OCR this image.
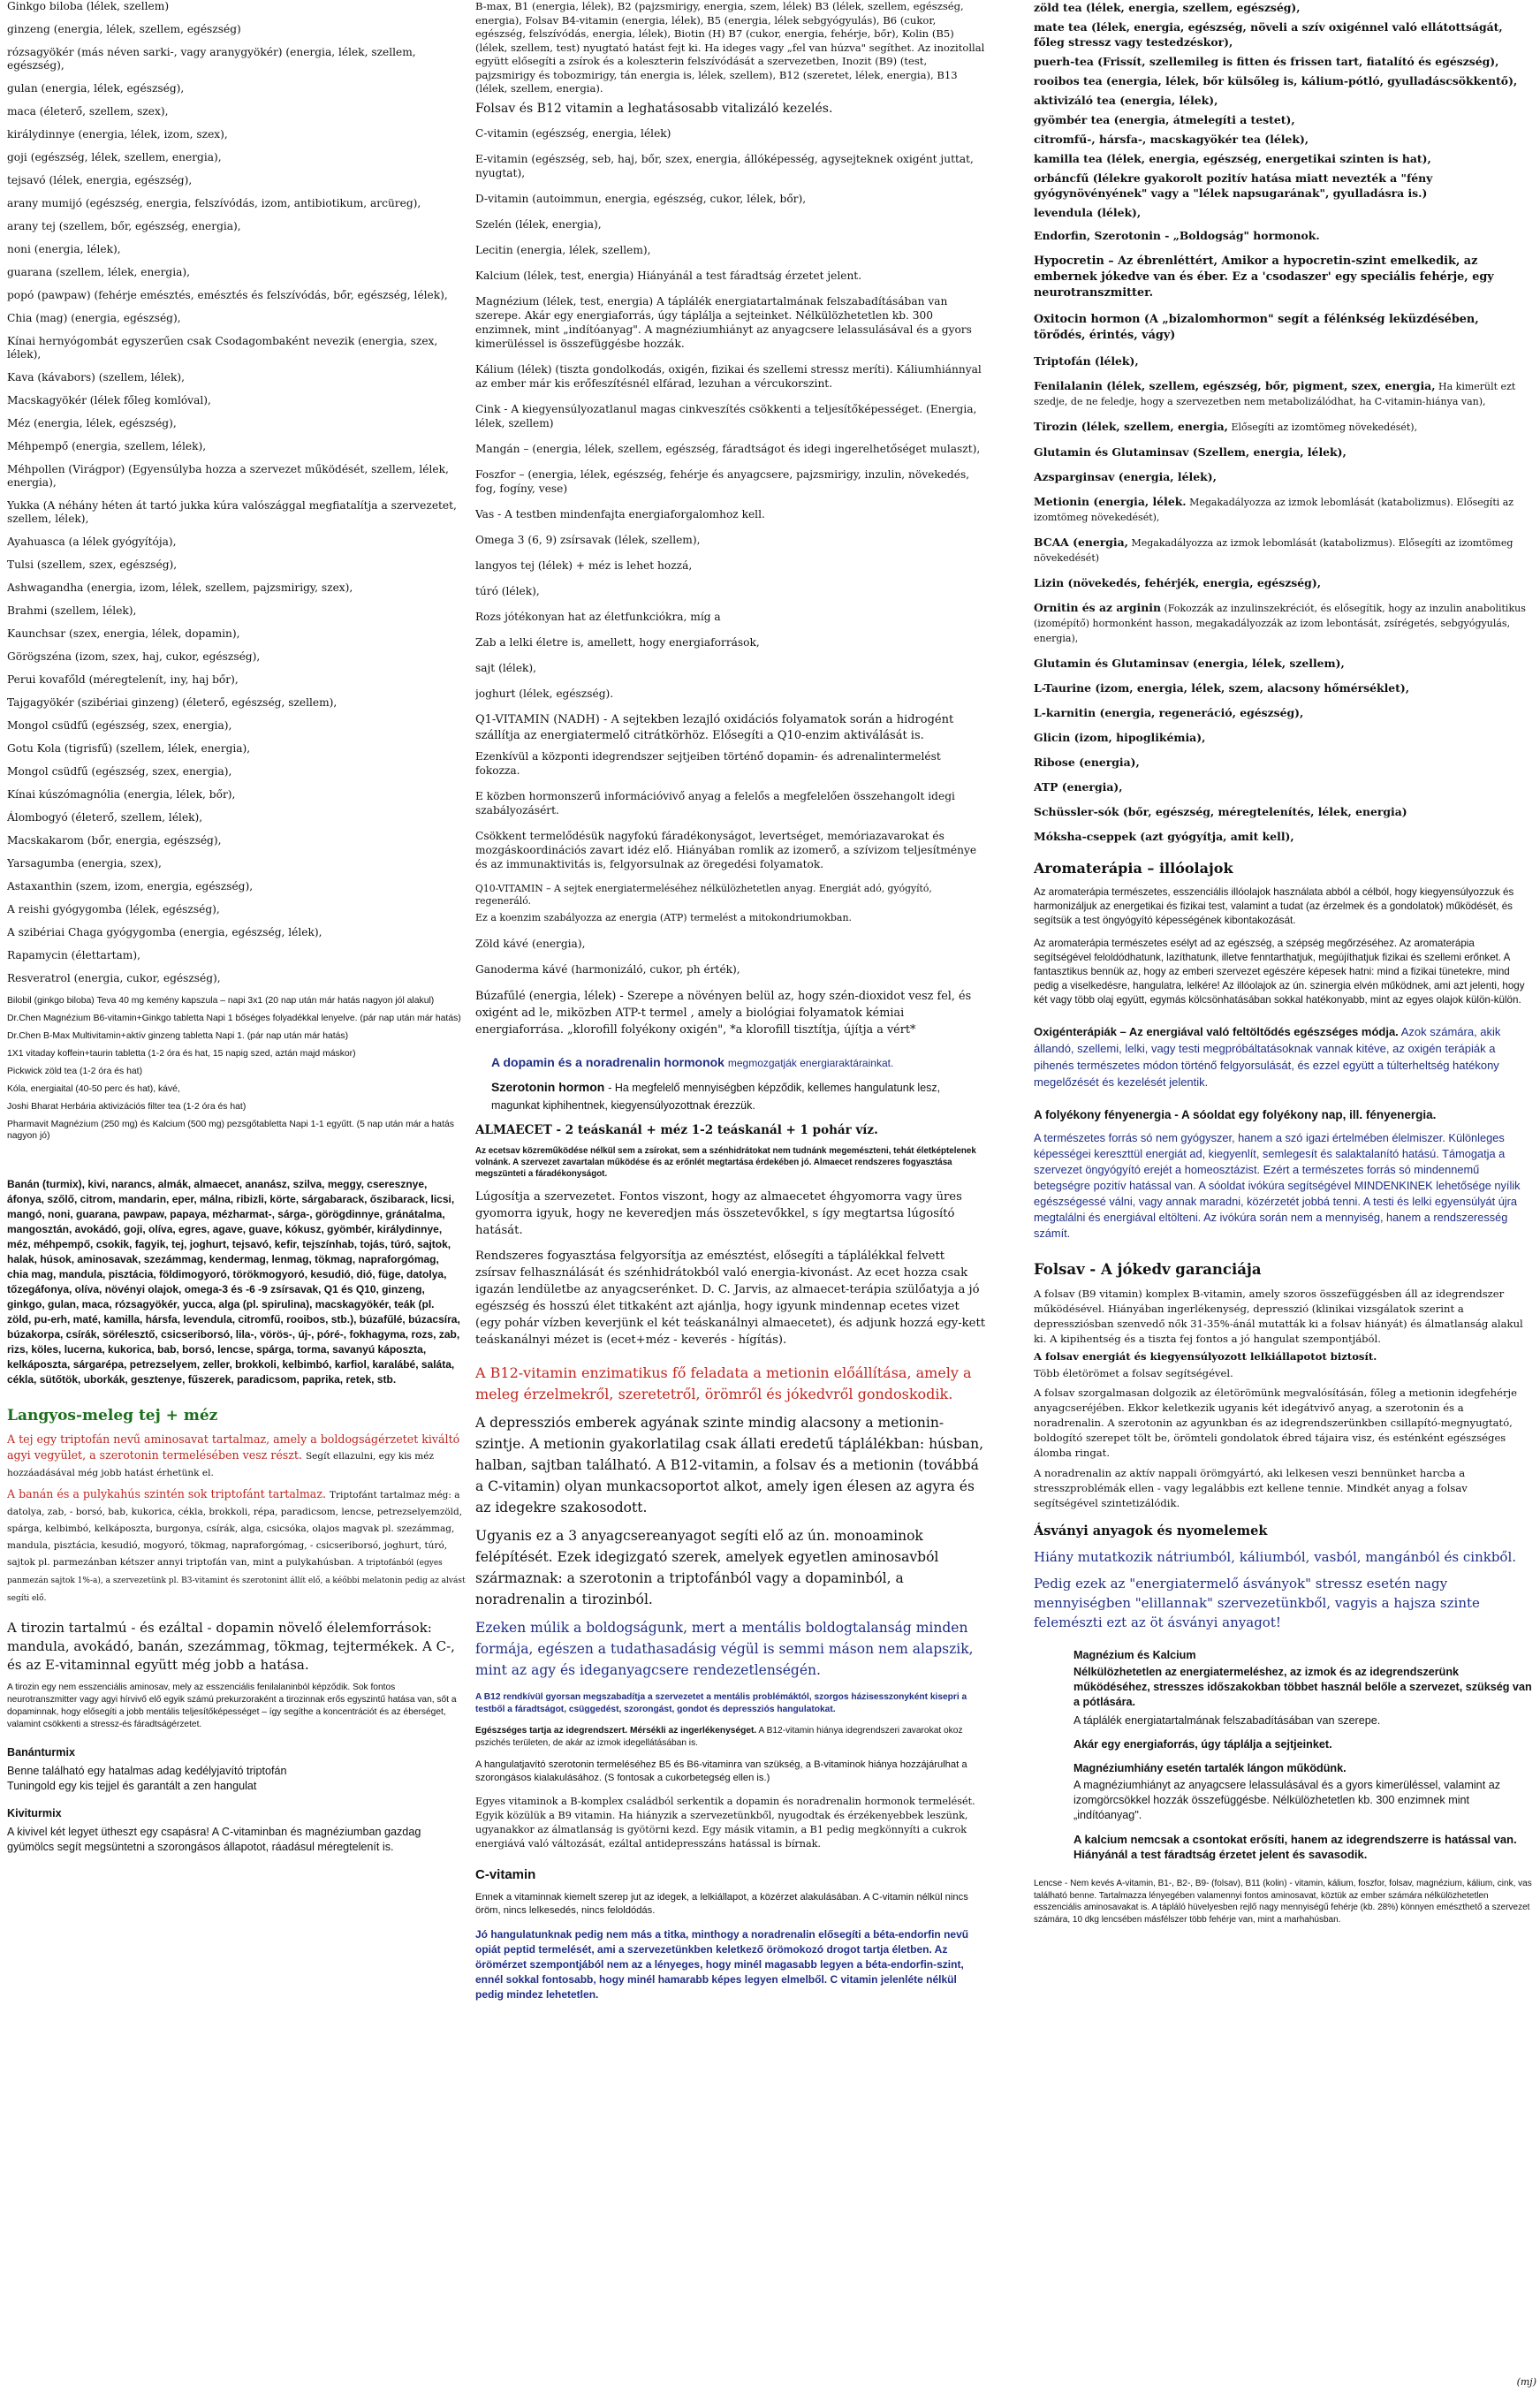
Ginkgo biloba (lélek, szellem)

ginzeng (energia, lélek, szellem, egészség)

rózsagyökér (más néven sarki-, vagy aranygyökér) (energia, lélek, szellem, egészség),

gulan (energia, lélek, egészség),

maca (életerő, szellem, szex),

királydinnye (energia, lélek, izom, szex),

goji (egészség, lélek, szellem, energia),

tejsavó (lélek, energia, egészség),

arany mumijó (egészség, energia, felszívódás, izom, antibiotikum, arcüreg),

arany tej (szellem, bőr, egészség, energia),

noni (energia, lélek),

guarana (szellem, lélek, energia),

popó (pawpaw) (fehérje emésztés, emésztés és felszívódás, bőr, egészség, lélek),

Chia (mag) (energia, egészség),

Kínai hernyógombát egyszerűen csak Csodagombaként nevezik (energia, szex, lélek),

Kava (kávabors) (szellem, lélek),

Macskagyökér (lélek főleg komlóval),

Méz (energia, lélek, egészség),

Méhpempő (energia, szellem, lélek),

Méhpollen (Virágpor) (Egyensúlyba hozza a szervezet működését, szellem, lélek, energia),

Yukka (A néhány héten át tartó jukka kúra valószággal megfiatalítja a szervezetet, szellem, lélek),

Ayahuasca (a lélek gyógyítója),

Tulsi (szellem, szex, egészség),

Ashwagandha (energia, izom, lélek, szellem, pajzsmirigy, szex),

Brahmi (szellem, lélek),

Kaunchsar (szex, energia, lélek, dopamin),

Görögszéna (izom, szex, haj, cukor, egészség),

Perui kovafőld (méregtelenít, iny, haj bőr),

Tajgagyökér (szibériai ginzeng) (életerő, egészség, szellem),

Mongol csüdfű (egészség, szex, energia),

Gotu Kola (tigrisfű) (szellem, lélek, energia),

Mongol csüdfű (egészség, szex, energia),

Kínai kúszómagnólia (energia, lélek, bőr),

Álombogyó (életerő, szellem, lélek),

Macskakarom (bőr, energia, egészség),

Yarsagumba (energia, szex),

Astaxanthin (szem, izom, energia, egészség),

A reishi gyógygomba (lélek, egészség),

A szibériai Chaga gyógygomba (energia, egészség, lélek),

Rapamycin (élettartam),

Resveratrol (energia, cukor, egészség),

Bilobil (ginkgo biloba) Teva 40 mg kemény kapszula – napi 3x1 (20 nap után már hatás nagyon jól alakul)

Dr.Chen Magnézium B6-vitamin+Ginkgo tabletta Napi 1 bőséges folyadékkal lenyelve. (pár nap után már hatás)

Dr.Chen B-Max Multivitamin+aktív ginzeng tabletta Napi 1. (pár nap után már hatás)

1X1 vitaday koffein+taurin tabletta (1-2 óra és hat, 15 napig szed, aztán majd máskor)

Pickwick zöld tea (1-2 óra és hat)

Kóla, energiaital (40-50 perc és hat), kávé,

Joshi Bharat Herbária aktivizációs filter tea (1-2 óra és hat)

Pharmavit Magnézium (250 mg) és Kalcium (500 mg) pezsgőtabletta Napi 1-1 egyűtt. (5 nap után már a hatás nagyon jó)

Banán (turmix), kivi, narancs, almák, almaecet, ananász, szilva, meggy, cseresznye, áfonya, szőlő, citrom, mandarin, eper, málna, ribizli, körte, sárgabarack, őszibarack, licsi, mangó, noni, guarana, pawpaw, papaya, mézharmat-, sárga-, görögdinnye, gránátalma, mangosztán, avokádó, goji, olíva, egres, agave, guave, kókusz, gyömbér, királydinnye, méz, méhpempő, csokik, fagyik, tej, joghurt, tejsavó, kefir, tejszínhab, tojás, túró, sajtok, halak, húsok, aminosavak, szezámmag, kendermag, lenmag, tökmag, napraforgómag, chia mag, mandula, pisztácia, földimogyoró, törökmogyoró, kesudió, dió, füge, datolya, tőzegáfonya, olíva, növényi olajok, omega-3 és -6 -9 zsírsavak, Q1 és Q10, ginzeng, ginkgo, gulan, maca, rózsagyökér, yucca, alga (pl. spirulina), macskagyökér, teák (pl. zöld, pu-erh, maté, kamilla, hársfa, levendula, citromfű, rooibos, stb.), búzafűlé, búzacsíra, búzakorpa, csírák, sörélesztő, csicseriborsó, lila-, vörös-, új-, póré-, fokhagyma, rozs, zab, rizs, köles, lucerna, kukorica, bab, borsó, lencse, spárga, torma, savanyú káposzta, kelkáposzta, sárgarépa, petrezselyem, zeller, brokkoli, kelbimbó, karfiol, karalábé, saláta, cékla, sütőtök, uborkák, gesztenye, fűszerek, paradicsom, paprika, retek, stb.

Langyos-meleg tej + méz

A tej egy triptofán nevű aminosavat tartalmaz, amely a boldogságérzetet kiváltó agyi vegyület, a szerotonin termelésében vesz részt. Segít ellazulni, egy kis méz hozzáadásával még jobb hatást érhetünk el.

A banán és a pulykahús szintén sok triptofánt tartalmaz. Triptofánt tartalmaz még: a datolya, zab, - borsó, bab, kukorica, cékla, brokkoli, répa, paradicsom, lencse, petrezselyemzöld, spárga, kelbimbó, kelkáposzta, burgonya, csírák, alga, csicsóka, olajos magvak pl. szezámmag, mandula, pisztácia, kesudió, mogyoró, tökmag, napraforgómag, - csicseriborsó, joghurt, túró, sajtok pl. parmezánban kétszer annyi triptofán van, mint a pulykahúsban. A triptofánból (egyes panmezán sajtok 1%-a), a szervezetünk pl. B3-vitamint és szerotonint állít elő, a kéőbbi melatonin pedig az alvást segíti elő.

A tirozin tartalmú - és ezáltal - dopamin növelő élelemforrások: mandula, avokádó, banán, szezámmag, tökmag, tejtermékek. A C-, és az E-vitaminnal együtt még jobb a hatása.

A tirozin egy nem esszenciális aminosav, mely az esszenciális fenilalaninból képződik. Sok fontos neurotranszmitter vagy agyi hírvivő elő egyik számú prekurzoraként a tirozinnak erős egyszintű hatása van, sőt a dopaminnak, hogy elősegíti a jobb mentális teljesítőképességet – így segíthe a koncentrációt és az éberséget, valamint csökkenti a stressz-és fáradtságérzetet.

Banánturmix
Benne található egy hatalmas adag kedélyjavító triptofán
Tuningold egy kis tejjel és garantált a zen hangulat
Kiviturmix
A kivivel két legyet ütheszt egy csapásra! A C-vitaminban és magnéziumban gazdag gyümölcs segít megsüntetni a szorongásos állapotot, ráadásul méregtelenít is.

B-max, B1 (energia, lélek), B2 (pajzsmirigy, energia, szem, lélek) B3 (lélek, szellem, egészség, energia), Folsav B4-vitamin (energia, lélek), B5 (energia, lélek sebgyógyulás), B6 (cukor, egészség, felszívódás, energia, lélek), Biotin (H) B7 (cukor, energia, fehérje, bőr), Kolin (B5) (lélek, szellem, test) nyugtató hatást fejt ki. Ha ideges vagy „fel van húzva" segíthet. Az inozitollal együtt elősegíti a zsírok és a koleszterin felszívódását a szervezetben, Inozit (B9) (test, pajzsmirigy és tobozmirigy, tán energia is, lélek, szellem), B12 (szeretet, lélek, energia), B13 (lélek, szellem, energia).

Folsav és B12 vitamin a leghatásosabb vitalizáló kezelés.

C-vitamin (egészség, energia, lélek)

E-vitamin (egészség, seb, haj, bőr, szex, energia, állóképesség, agysejteknek oxigént juttat, nyugtat),

D-vitamin (autoimmun, energia, egészség, cukor, lélek, bőr),

Szelén (lélek, energia),

Lecitin (energia, lélek, szellem),

Kalcium (lélek, test, energia) Hiányánál a test fáradtság érzetet jelent.

Magnézium (lélek, test, energia) A táplálék energiatartalmának felszabadításában van szerepe. Akár egy energiaforrás, úgy táplálja a sejteinket. Nélkülözhetetlen kb. 300 enzimnek, mint „indítóanyag". A magnéziumhiányt az anyagcsere lelassulásával és a gyors kimerüléssel is összefüggésbe hozzák.

Kálium (lélek) (tiszta gondolkodás, oxigén, fizikai és szellemi stressz meríti). Káliumhiánnyal az ember már kis erőfeszítésnél elfárad, lezuhan a vércukorszint.

Cink - A kiegyensúlyozatlanul magas cinkveszítés csökkenti a teljesítőképességet. (Energia, lélek, szellem)

Mangán – (energia, lélek, szellem, egészség, fáradtságot és idegi ingerelhetőséget mulaszt),

Foszfor – (energia, lélek, egészség, fehérje és anyagcsere, pajzsmirigy, inzulin, növekedés, fog, fogíny, vese)

Vas - A testben mindenfajta energiaforgalomhoz kell.

Omega 3 (6, 9) zsírsavak (lélek, szellem),

langyos tej (lélek) + méz is lehet hozzá,

túró (lélek),

Rozs jótékonyan hat az életfunkciókra, míg a

Zab a lelki életre is, amellett, hogy energiaforrások,

sajt (lélek),

joghurt (lélek, egészség).

Q1-VITAMIN (NADH) - A sejtekben lezajló oxidációs folyamatok során a hidrogént szállítja az energiatermelő citrátkörhöz. Elősegíti a Q10-enzim aktiválását is.

Ezenkívül a központi idegrendszer sejtjeiben történő dopamin- és adrenalintermelést fokozza.

E közben hormonszerű információvivő anyag a felelős a megfelelően összehangolt idegi szabályozásért.

Csökkent termelődésük nagyfokú fáradékonyságot, levertséget, memóriazavarokat és mozgáskoordinációs zavart idéz elő. Hiányában romlik az izomerő, a szívizom teljesítménye és az immunaktivitás is, felgyorsulnak az öregedési folyamatok.

Q10-VITAMIN – A sejtek energiatermeléséhez nélkülözhetetlen anyag. Energiát adó, gyógyító, regeneráló.

Ez a koenzim szabályozza az energia (ATP) termelést a mitokondriumokban.

Zöld kávé (energia),

Ganoderma kávé (harmonizáló, cukor, ph érték),

Búzafűlé (energia, lélek) - Szerepe a növényen belül az, hogy szén-dioxidot vesz fel, és oxigént ad le, miközben ATP-t termel , amely a biológiai folyamatok kémiai energiaforrása. „klorofill folyékony oxigén", *a klorofill tisztítja, újítja a vért*

A dopamin és a noradrenalin hormonok megmozgatják energiaraktárainkat.

Szerotonin hormon - Ha megfelelő mennyiségben képződik, kellemes hangulatunk lesz, magunkat kiphihentnek, kiegyensúlyozottnak érezzük.

ALMAECET - 2 teáskanál + méz 1-2 teáskanál + 1 pohár víz.

Az ecetsav közreműködése nélkül sem a zsírokat, sem a szénhidrátokat nem tudnánk megemészteni, tehát életképtelenek volnánk. A szervezet zavartalan működése és az erőnlét megtartása érdekében jó. Almaecet rendszeres fogyasztása megszünteti a fáradékonyságot.

Lúgosítja a szervezetet. Fontos viszont, hogy az almaecetet éhgyomorra vagy üres gyomorra igyuk, hogy ne keveredjen más összetevőkkel, s így megtartsa lúgosító hatását.

Rendszeres fogyasztása felgyorsítja az emésztést, elősegíti a táplálékkal felvett zsírsav felhasználását és szénhidrátokból való energia-kivonást. Az ecet hozza csak igazán lendületbe az anyagcserénket. D. C. Jarvis, az almaecet-terápia szülőatyja a jó egészség és hosszú élet titkaként azt ajánlja, hogy igyunk mindennap ecetes vizet (egy pohár vízben keverjünk el két teáskanálnyi almaecetet), és adjunk hozzá egy-kett teáskanálnyi mézet is (ecet+méz - keverés - hígítás).

A B12-vitamin enzimatikus fő feladata a metionin előállítása, amely a meleg érzelmekről, szeretetről, örömről és jókedvről gondoskodik.

A depressziós emberek agyának szinte mindig alacsony a metionin-szintje. A metionin gyakorlatilag csak állati eredetű táplálékban: húsban, halban, sajtban található. A B12-vitamin, a folsav és a metionin (továbbá a C-vitamin) olyan munkacsoportot alkot, amely igen élesen az agyra és az idegekre szakosodott.

Ugyanis ez a 3 anyagcsereanyagot segíti elő az ún. monoaminok felépítését. Ezek idegizgató szerek, amelyek egyetlen aminosavból származnak: a szerotonin a triptofánból vagy a dopaminból, a noradrenalin a tirozinból.

Ezeken múlik a boldogságunk, mert a mentális boldogtalanság minden formája, egészen a tudathasadásig végül is semmi máson nem alapszik, mint az agy és ideganyagcsere rendezetlenségén.

A B12 rendkívül gyorsan megszabadítja a szervezetet a mentális problémáktól, szorgos házisesszonyként kisepri a testből a fáradtságot, csüggedést, szorongást, gondot és depressziós hangulatokat.

Egészséges tartja az idegrendszert. Mérsékli az ingerlékenységet. A B12-vitamin hiánya idegrendszeri zavarokat okoz pszichés területen, de akár az izmok idegellátásában is.

A hangulatjavító szerotonin termeléséhez B5 és B6-vitaminra van szükség, a B-vitaminok hiánya hozzájárulhat a szorongásos kialakulásához. (S fontosak a cukorbetegség ellen is.)

Egyes vitaminok a B-komplex családból serkentik a dopamin és noradrenalin hormonok termelését. Egyik közülük a B9 vitamin. Ha hiányzik a szervezetünkből, nyugodtak és érzékenyebbek leszünk, ugyanakkor az álmatlanság is gyötörni kezd. Egy másik vitamin, a B1 pedig megkönnyíti a cukrok energiává való változását, ezáltal antidepresszáns hatással is bírnak.

C-vitamin

Ennek a vitaminnak kiemelt szerep jut az idegek, a lelkiállapot, a közérzet alakulásában. A C-vitamin nélkül nincs öröm, nincs lelkesedés, nincs feloldódás.

Jó hangulatunknak pedig nem más a titka, minthogy a noradrenalin elősegíti a béta-endorfin nevű opiát peptid termelését, ami a szervezetünkben keletkező örömokozó drogot tartja életben. Az örömérzet szempontjából nem az a lényeges, hogy minél magasabb legyen a béta-endorfin-szint, ennél sokkal fontosabb, hogy minél hamarabb képes legyen elmelből. C vitamin jelenléte nélkül pedig mindez lehetetlen.

zöld tea (lélek, energia, szellem, egészség),

mate tea (lélek, energia, egészség, növeli a szív oxigénnel való ellátottságát, főleg stressz vagy testedzéskor),

puerh-tea (Frissít, szellemileg is fitten és frissen tart, fiatalító és egészség),

rooibos tea (energia, lélek, bőr külsőleg is, kálium-pótló, gyulladáscsökkentő),

aktivizáló tea (energia, lélek),

gyömbér tea (energia, átmelegíti a testet),

citromfű-, hársfa-, macskagyökér tea (lélek),

kamilla tea (lélek, energia, egészség, energetikai szinten is hat),

orbáncfű (lélekre gyakorolt pozitív hatása miatt nevezték a "fény gyógynövényének" vagy a "lélek napsugarának", gyulladásra is.)

levendula (lélek),

Endorfin, Szerotonin - „Boldogság" hormonok.

Hypocretin – Az ébrenléttért, Amikor a hypocretin-szint emelkedik, az embernek jókedve van és éber. Ez a 'csodaszer' egy speciális fehérje, egy neurotranszmitter.

Oxitocin hormon (A „bizalomhormon" segít a félénkség leküzdésében, törődés, érintés, vágy)

Triptofán (lélek),

Fenilalanin (lélek, szellem, egészség, bőr, pigment, szex, energia, Ha kimerült ezt szedje, de ne feledje, hogy a szervezetben nem metabolizálódhat, ha C-vitamin-hiánya van),

Tirozin (lélek, szellem, energia, Elősegíti az izomtömeg növekedését),

Glutamin és Glutaminsav (Szellem, energia, lélek),

Azsparginsav (energia, lélek),

Metionin (energia, lélek. Megakadályozza az izmok lebomlását (katabolizmus). Elősegíti az izomtömeg növekedését),

BCAA (energia, Megakadályozza az izmok lebomlását (katabolizmus). Elősegíti az izomtömeg növekedését)

Lizin (növekedés, fehérjék, energia, egészség),

Ornitin és az arginin (Fokozzák az inzulinszekréciót, és elősegítik, hogy az inzulin anabolitikus (izomépítő) hormonként hasson, megakadályozzák az izom lebontását, zsírégetés, sebgyógyulás, energia),

Glutamin és Glutaminsav (energia, lélek, szellem),

L-Taurine (izom, energia, lélek, szem, alacsony hőmérséklet),

L-karnitin (energia, regeneráció, egészség),

Glicin (izom, hipoglikémia),

Ribose (energia),

ATP (energia),

Schüssler-sók (bőr, egészség, méregtelenítés, lélek, energia)

Móksha-cseppek (azt gyógyítja, amit kell),

Aromaterápia – illóolajok

Az aromaterápia természetes, esszenciális illóolajok használata abból a célból, hogy kiegyensúlyozzuk és harmonizáljuk az energetikai és fizikai test, valamint a tudat (az érzelmek és a gondolatok) működését, és segítsük a test öngyógyító képességének kibontakozását.

Az aromaterápia természetes esélyt ad az egészség, a szépség megőrzéséhez. Az aromaterápia segítségével feloldódhatunk, lazíthatunk, illetve fenntarthatjuk, megújíthatjuk fizikai és szellemi erőnket. A fantasztikus bennük az, hogy az emberi szervezet egészére képesek hatni: mind a fizikai tünetekre, mind pedig a viselkedésre, hangulatra, lelkére! Az illóolajok az ún. szinergia elvén működnek, ami azt jelenti, hogy két vagy több olaj együtt, egymás kölcsönhatásában sokkal hatékonyabb, mint az egyes olajok külön-külön.

Oxigénterápiák – Az energiával való feltöltődés egészséges módja. Azok számára, akik állandó, szellemi, lelki, vagy testi megpróbáltatásoknak vannak kitéve, az oxigén terápiák a pihenés természetes módon történő felgyorsulását, és ezzel együtt a túlterheltség hatékony megelőzését és kezelését jelentik.

A folyékony fényenergia - A sóoldat egy folyékony nap, ill. fényenergia.

A természetes forrás só nem gyógyszer, hanem a szó igazi értelmében élelmiszer. Különleges képességei kereszttül energiát ad, kiegyenlít, semlegesít és salaktalanító hatású. Támogatja a szervezet öngyógyító erejét a homeosztázist. Ezért a természetes forrás só mindennemű betegségre pozitív hatással van. A sóoldat ivókúra segítségével MINDENKINEK lehetősége nyílik egészségessé válni, vagy annak maradni, közérzetét jobbá tenni. A testi és lelki egyensúlyát újra megtalálni és energiával eltölteni. Az ivókúra során nem a mennyiség, hanem a rendszeresség számít.

Folsav - A jókedv garanciája

A folsav (B9 vitamin) komplex B-vitamin, amely szoros összefüggésben áll az idegrendszer működésével. Hiányában ingerlékenység, depresszió (klinikai vizsgálatok szerint a depressziósban szenvedő nők 31-35%-ánál mutatták ki a folsav hiányát) és álmatlanság alakul ki. A kipihentség és a tiszta fej fontos a jó hangulat szempontjából.

A folsav energiát és kiegyensúlyozott lelkiállapotot biztosít.

Több életörömet a folsav segítségével.

A folsav szorgalmasan dolgozik az életörömünk megvalósításán, főleg a metionin idegfehérje anyagcseréjében. Ekkor keletkezik ugyanis két idegátvivő anyag, a szerotonin és a noradrenalin. A szerotonin az agyunkban és az idegrendszerünkben csillapító-megnyugtató, boldogító szerepet tölt be, örömteli gondolatok ébred tájaira visz, és esténként egészséges álomba ringat.

A noradrenalin az aktív nappali örömgyártó, aki lelkesen veszi bennünket harcba a stresszproblémák ellen - vagy legalábbis ezt kellene tennie. Mindkét anyag a folsav segítségével szintetizálódik.

Ásványi anyagok és nyomelemek

Hiány mutatkozik nátriumból, káliumból, vasból, mangánból és cinkből.

Pedig ezek az "energiatermelő ásványok" stressz esetén nagy mennyiségben "elillannak" szervezetünkből, vagyis a hajsza szinte felemészti ezt az öt ásványi anyagot!

Magnézium és Kalcium

Nélkülözhetetlen az energiatermeléshez, az izmok és az idegrendszerünk működéséhez, stresszes időszakokban többet használ belőle a szervezet, szükség van a pótlására.

A táplálék energiatartalmának felszabadításában van szerepe.

Akár egy energiaforrás, úgy táplálja a sejtjeinket.

Magnéziumhiány esetén tartalék lángon működünk.

A magnéziumhiányt az anyagcsere lelassulásával és a gyors kimerüléssel, valamint az izomgörcsökkel hozzák összefüggésbe. Nélkülözhetetlen kb. 300 enzimnek mint „indítóanyag".

A kalcium nemcsak a csontokat erősíti, hanem az idegrendszerre is hatással van. Hiányánál a test fáradtság érzetet jelent és savasodik.

Lencse - Nem kevés A-vitamin, B1-, B2-, B9- (folsav), B11 (kolin) - vitamin, kálium, foszfor, folsav, magnézium, kálium, cink, vas található benne. Tartalmazza lényegében valamennyi fontos aminosavat, köztük az ember számára nélkülözhetetlen esszenciális aminosavakat is. A tápláló hüvelyesben rejlő nagy mennyiségű fehérje (kb. 28%) könnyen emészthető a szervezet számára, 10 dkg lencsében másfélszer több fehérje van, mint a marhahúsban.

(mj)
